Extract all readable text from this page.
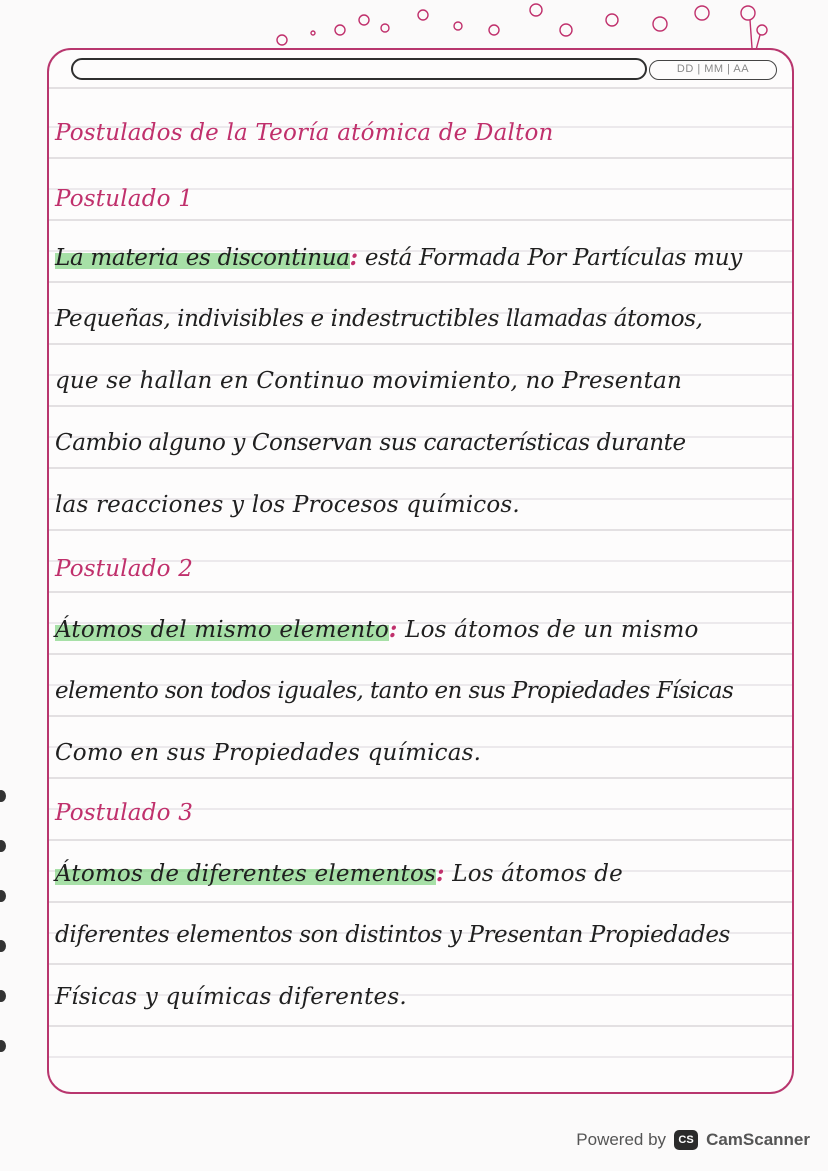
DD | MM | AA
Postulados de la Teoría atómica de Dalton
Postulado 1
La materia es discontinua: está Formada Por Partículas muy
Pequeñas, indivisibles e indestructibles llamadas átomos,
que se hallan en Continuo movimiento, no Presentan
Cambio alguno y Conservan sus características durante
las reacciones y los Procesos químicos.
Postulado 2
Átomos del mismo elemento: Los átomos de un mismo
elemento son todos iguales, tanto en sus Propiedades Físicas
Como en sus Propiedades químicas.
Postulado 3
Átomos de diferentes elementos: Los átomos de
diferentes elementos son distintos y Presentan Propiedades
Físicas y químicas diferentes.
Powered by	CS CamScanner
